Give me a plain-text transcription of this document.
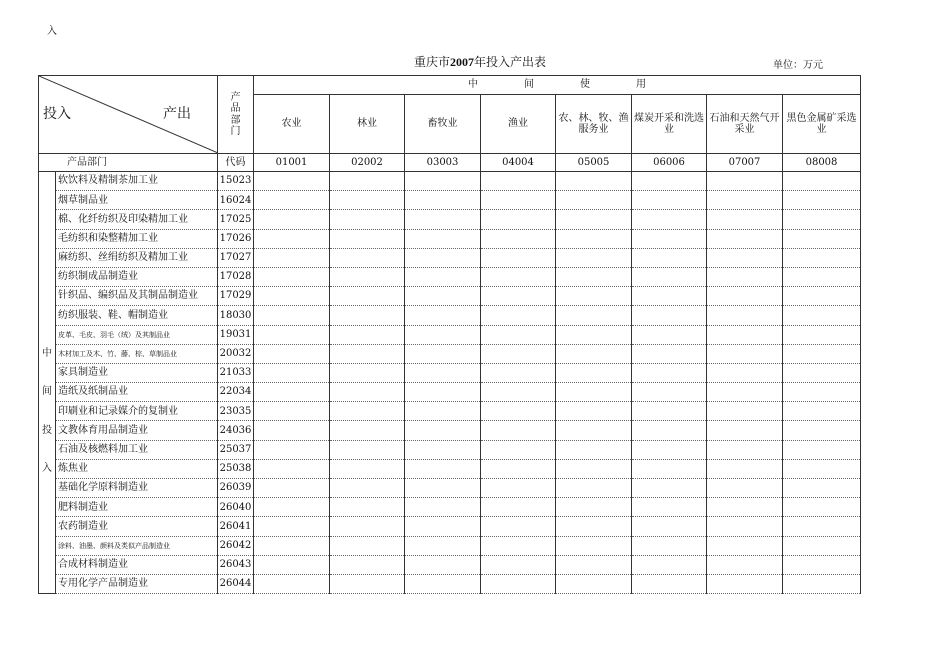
入
重庆市2007年投入产出表	单位：万元
投入 产出		产
品
部
门	中 间 使 用							
			农业	林业	畜牧业	渔业	农、林、牧、渔服务业	煤炭开采和洗选业	石油和天然气开采业	黑色金属矿采选业
产品部门		代码	01001	02002	03003	04004	05005	06006	07007	08008
	软饮料及精制茶加工业	15023								
	烟草制品业	16024								
	棉、化纤纺织及印染精加工业	17025								
	毛纺织和染整精加工业	17026								
	麻纺织、丝绢纺织及精加工业	17027								
	纺织制成品制造业	17028								
	针织品、编织品及其制品制造业	17029								
	纺织服装、鞋、帽制造业	18030								
	皮革、毛皮、羽毛（绒）及其制品业	19031								
中	木材加工及木、竹、藤、棕、草制品业	20032								
	家具制造业	21033								
间	造纸及纸制品业	22034								
	印刷业和记录媒介的复制业	23035								
投	文教体育用品制造业	24036								
	石油及核燃料加工业	25037								
入	炼焦业	25038								
	基础化学原料制造业	26039								
	肥料制造业	26040								
	农药制造业	26041								
	涂料、油墨、颜料及类似产品制造业	26042								
	合成材料制造业	26043								
	专用化学产品制造业	26044								
